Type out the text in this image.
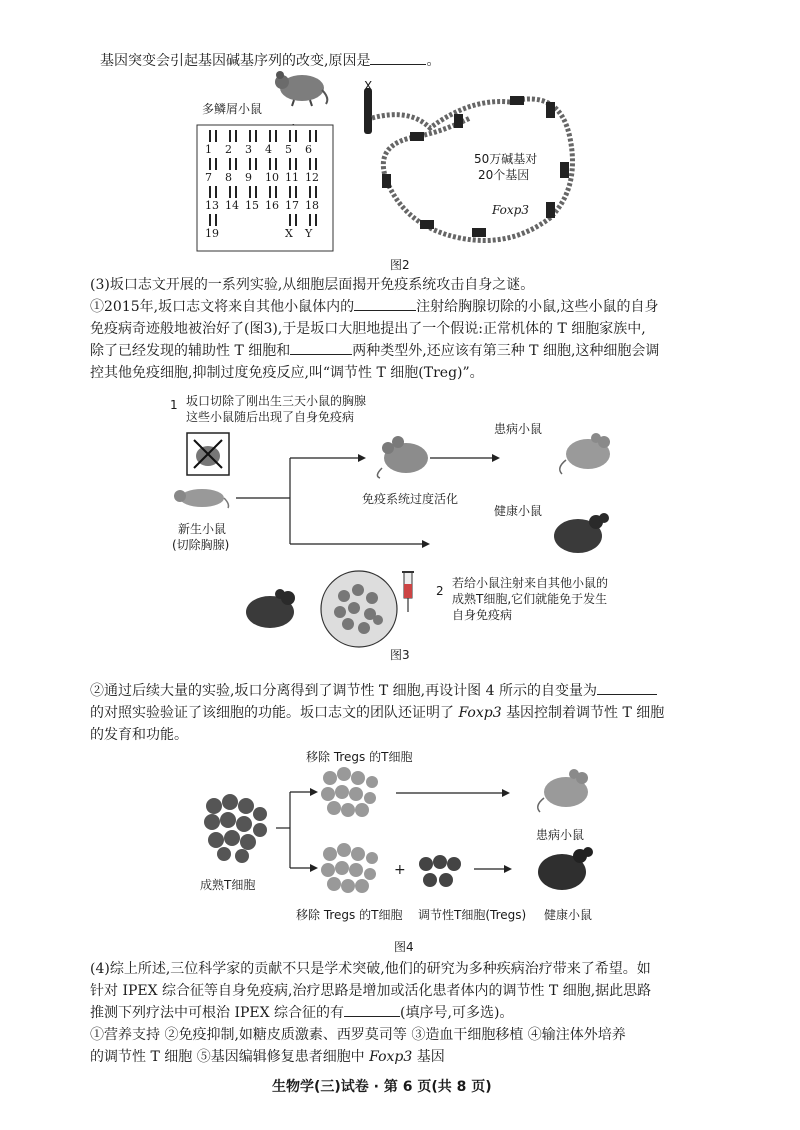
基因突变会引起基因碱基序列的改变,原因是	。
多鳞屑小鼠
1 2 3 4 5 6
7 8 9 10 11 12
13 14 15 16 17 18
19	X Y
X
50万碱基对
20个基因
Foxp3
图2
(3)坂口志文开展的一系列实验,从细胞层面揭开免疫系统攻击自身之谜。
①2015年,坂口志文将来自其他小鼠体内的	注射给胸腺切除的小鼠,这些小鼠的自身
免疫病奇迹般地被治好了(图3),于是坂口大胆地提出了一个假说:正常机体的 T 细胞家族中,
除了已经发现的辅助性 T 细胞和	两种类型外,还应该有第三种 T 细胞,这种细胞会调
控其他免疫细胞,抑制过度免疫反应,叫“调节性 T 细胞(Treg)”。
1 坂口切除了刚出生三天小鼠的胸腺
这些小鼠随后出现了自身免疫病
新生小鼠
(切除胸腺)
免疫系统过度活化
患病小鼠
健康小鼠
2
若给小鼠注射来自其他小鼠的
成熟T细胞,它们就能免于发生
自身免疫病
图3
②通过后续大量的实验,坂口分离得到了调节性 T 细胞,再设计图 4 所示的自变量为
的对照实验验证了该细胞的功能。坂口志文的团队还证明了 Foxp3 基因控制着调节性 T 细胞
的发育和功能。
移除 Tregs 的T细胞
成熟T细胞
患病小鼠
+
移除 Tregs 的T细胞 调节性T细胞(Tregs) 健康小鼠
图4
(4)综上所述,三位科学家的贡献不只是学术突破,他们的研究为多种疾病治疗带来了希望。如
针对 IPEX 综合征等自身免疫病,治疗思路是增加或活化患者体内的调节性 T 细胞,据此思路
推测下列疗法中可根治 IPEX 综合征的有	(填序号,可多选)。
①营养支持 ②免疫抑制,如糖皮质激素、西罗莫司等 ③造血干细胞移植 ④输注体外培养
的调节性 T 细胞 ⑤基因编辑修复患者细胞中 Foxp3 基因
生物学(三)试卷 · 第 6 页(共 8 页)
